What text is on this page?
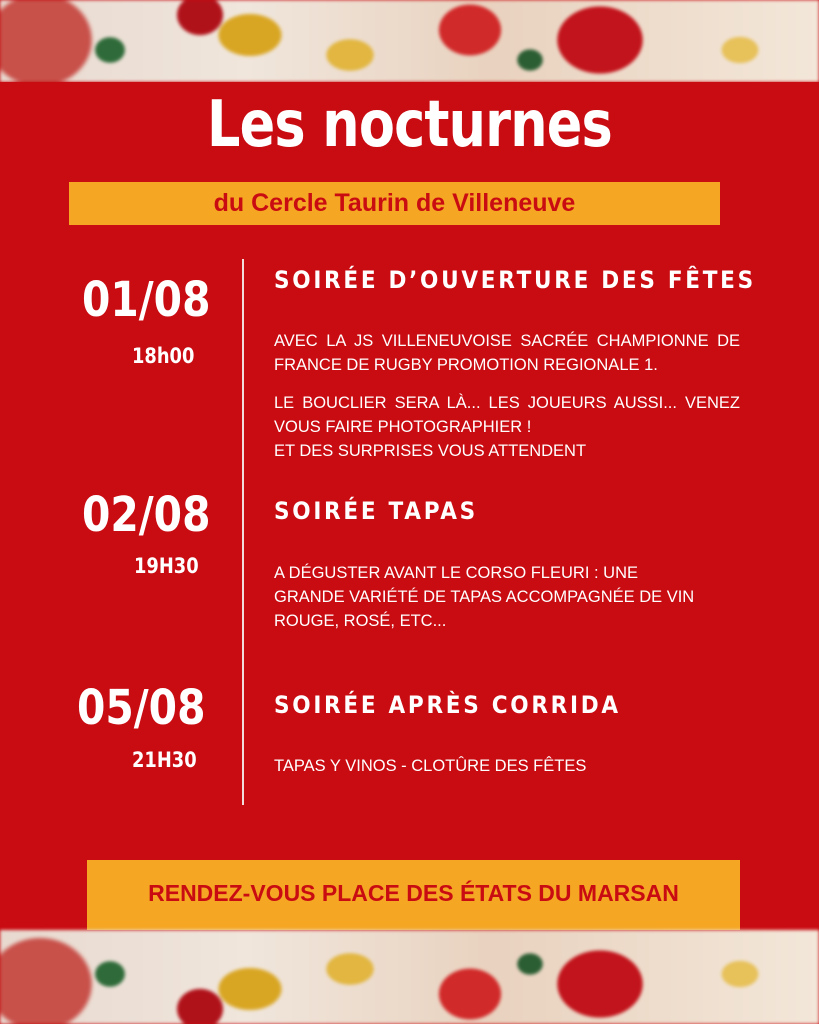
Les nocturnes
du Cercle Taurin de Villeneuve
01/08
18h00
SOIRÉE D’OUVERTURE DES FÊTES

AVEC LA JS VILLENEUVOISE SACRÉE CHAMPIONNE DE FRANCE DE RUGBY PROMOTION REGIONALE 1.

LE BOUCLIER SERA LÀ... LES JOUEURS AUSSI... VENEZ VOUS FAIRE PHOTOGRAPHIER !

ET DES SURPRISES VOUS ATTENDENT

02/08
19H30
SOIRÉE TAPAS

A DÉGUSTER AVANT LE CORSO FLEURI : UNE GRANDE VARIÉTÉ DE TAPAS ACCOMPAGNÉE DE VIN ROUGE, ROSÉ, ETC...

05/08
21H30
SOIRÉE APRÈS CORRIDA

TAPAS Y VINOS - CLOTÛRE DES FÊTES

RENDEZ-VOUS PLACE DES ÉTATS DU MARSAN
